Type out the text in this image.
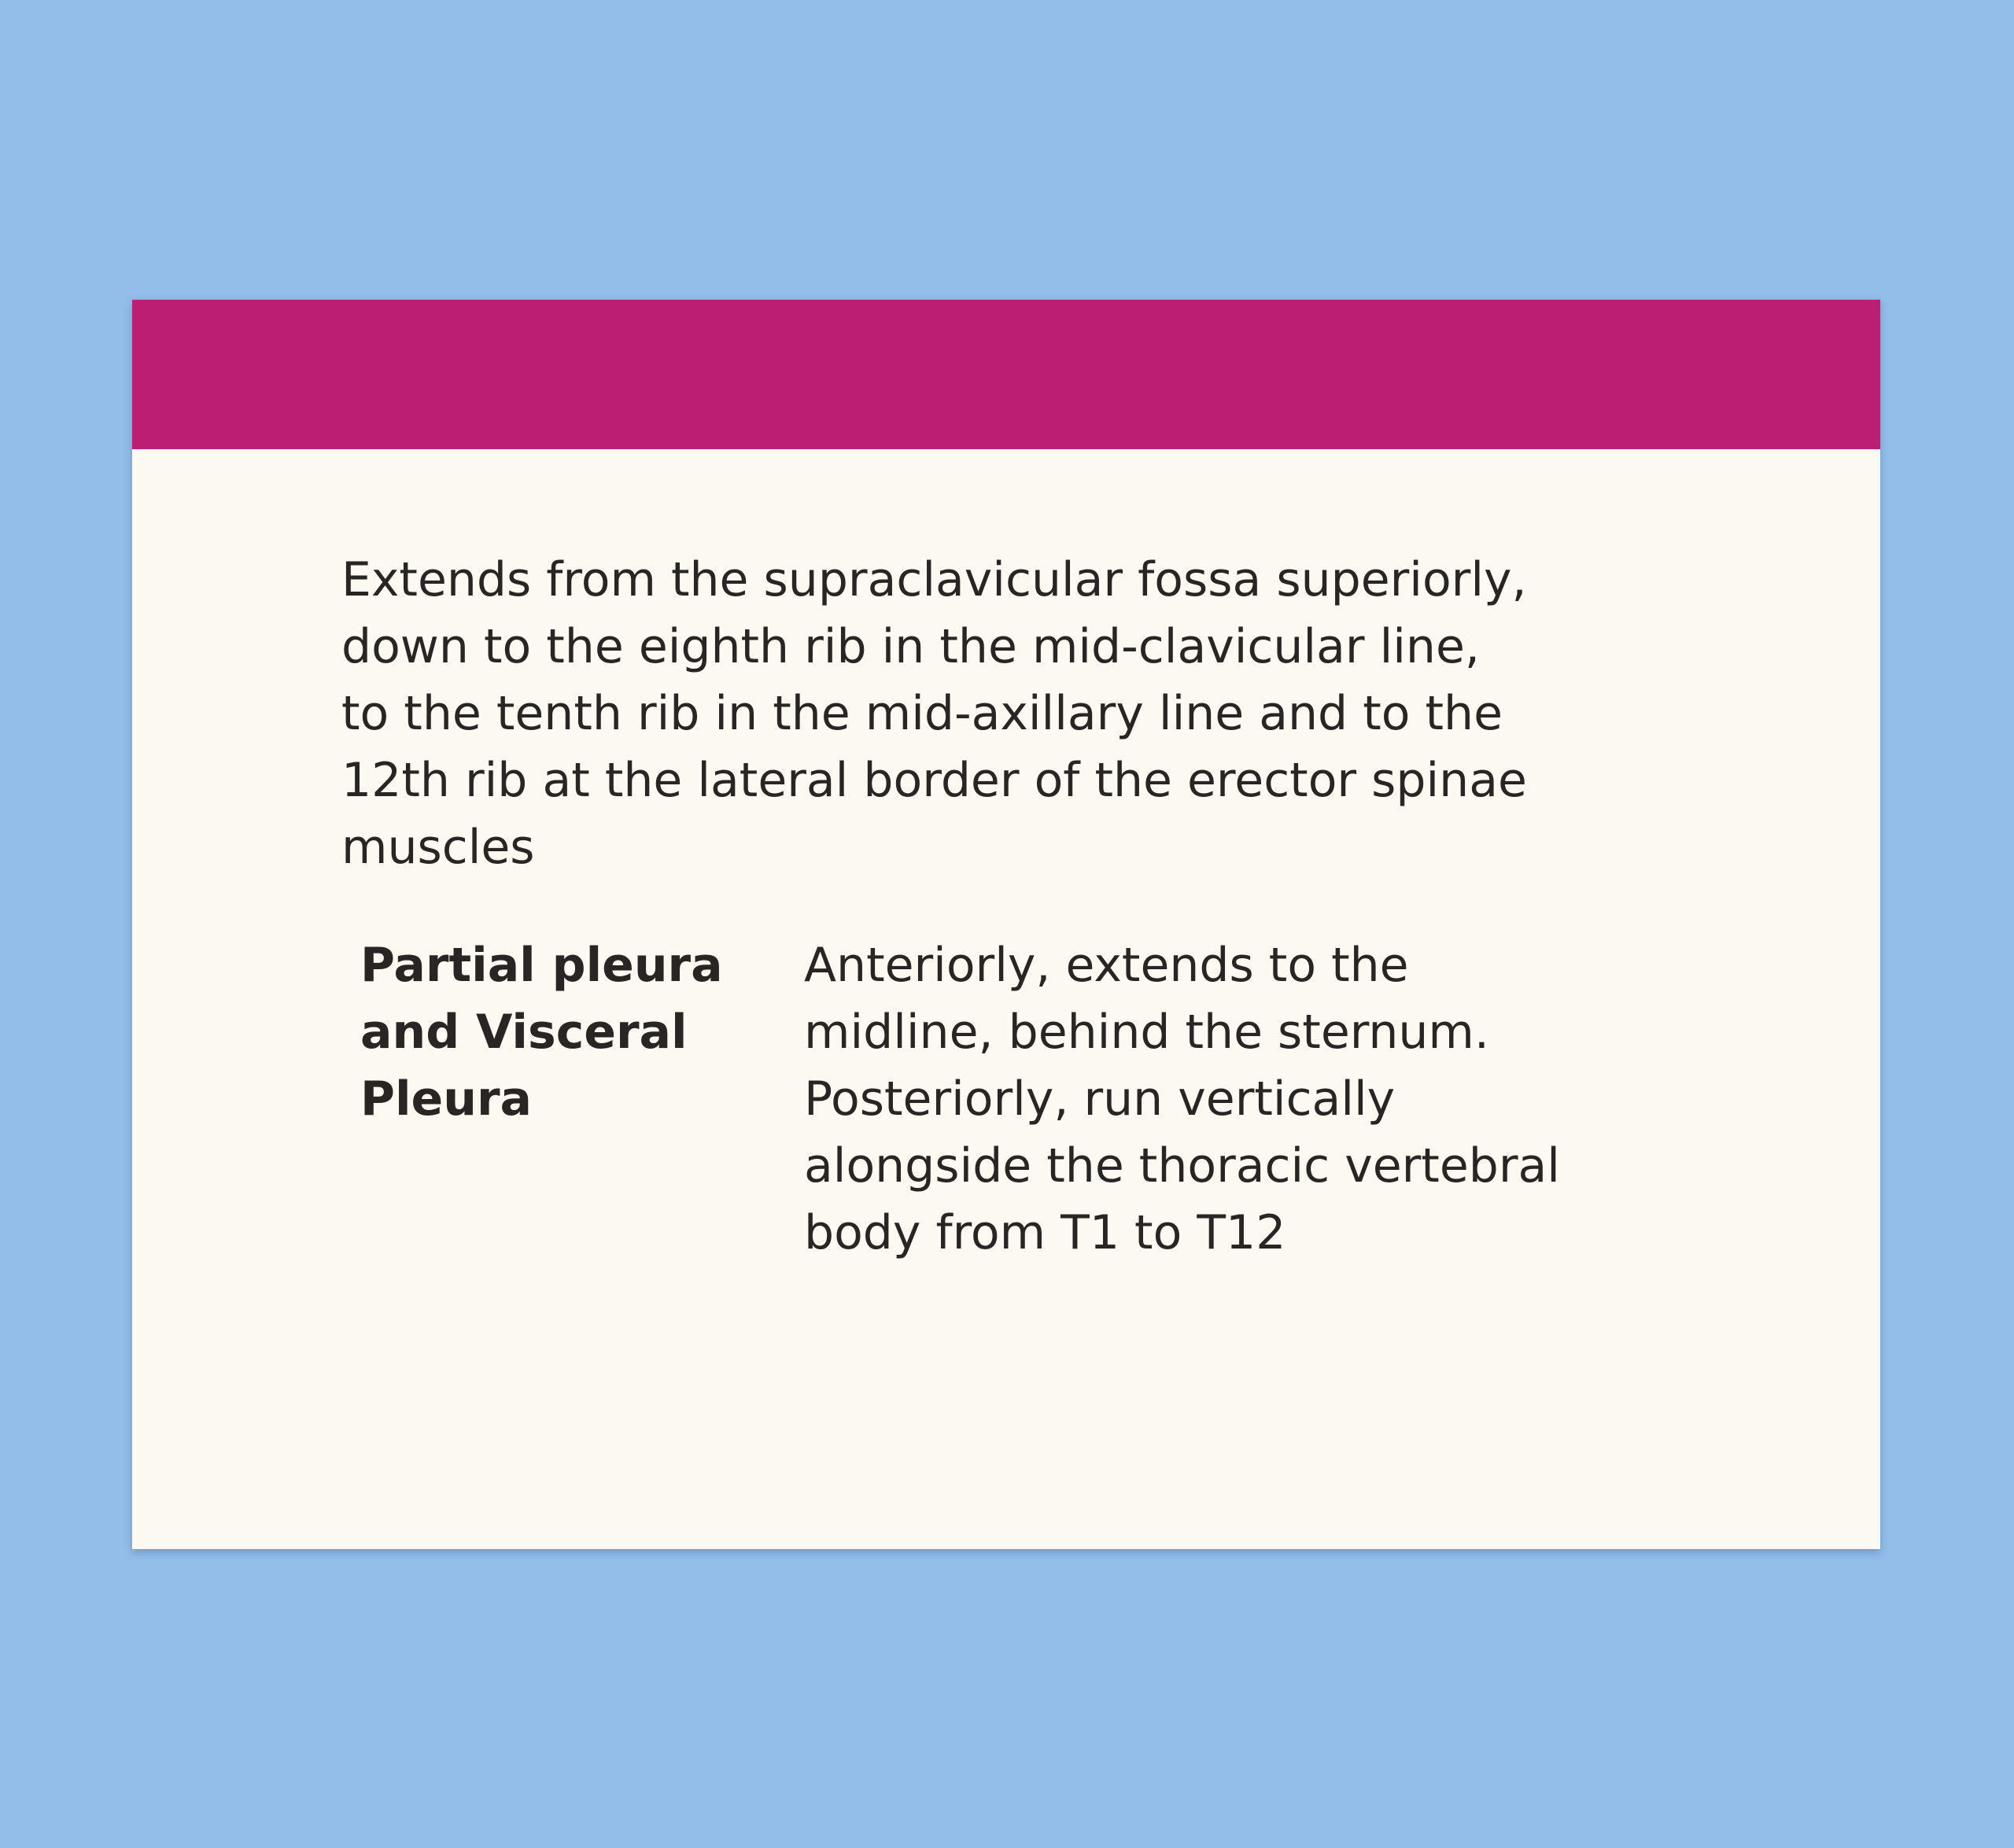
Extends from the supraclavicular fossa superiorly,
down to the eighth rib in the mid-clavicular line,
to the tenth rib in the mid-axillary line and to the
12th rib at the lateral border of the erector spinae
muscles

Partial pleura
and Visceral
Pleura

Anteriorly, extends to the
midline, behind the sternum.
Posteriorly, run vertically
alongside the thoracic vertebral
body from T1 to T12
